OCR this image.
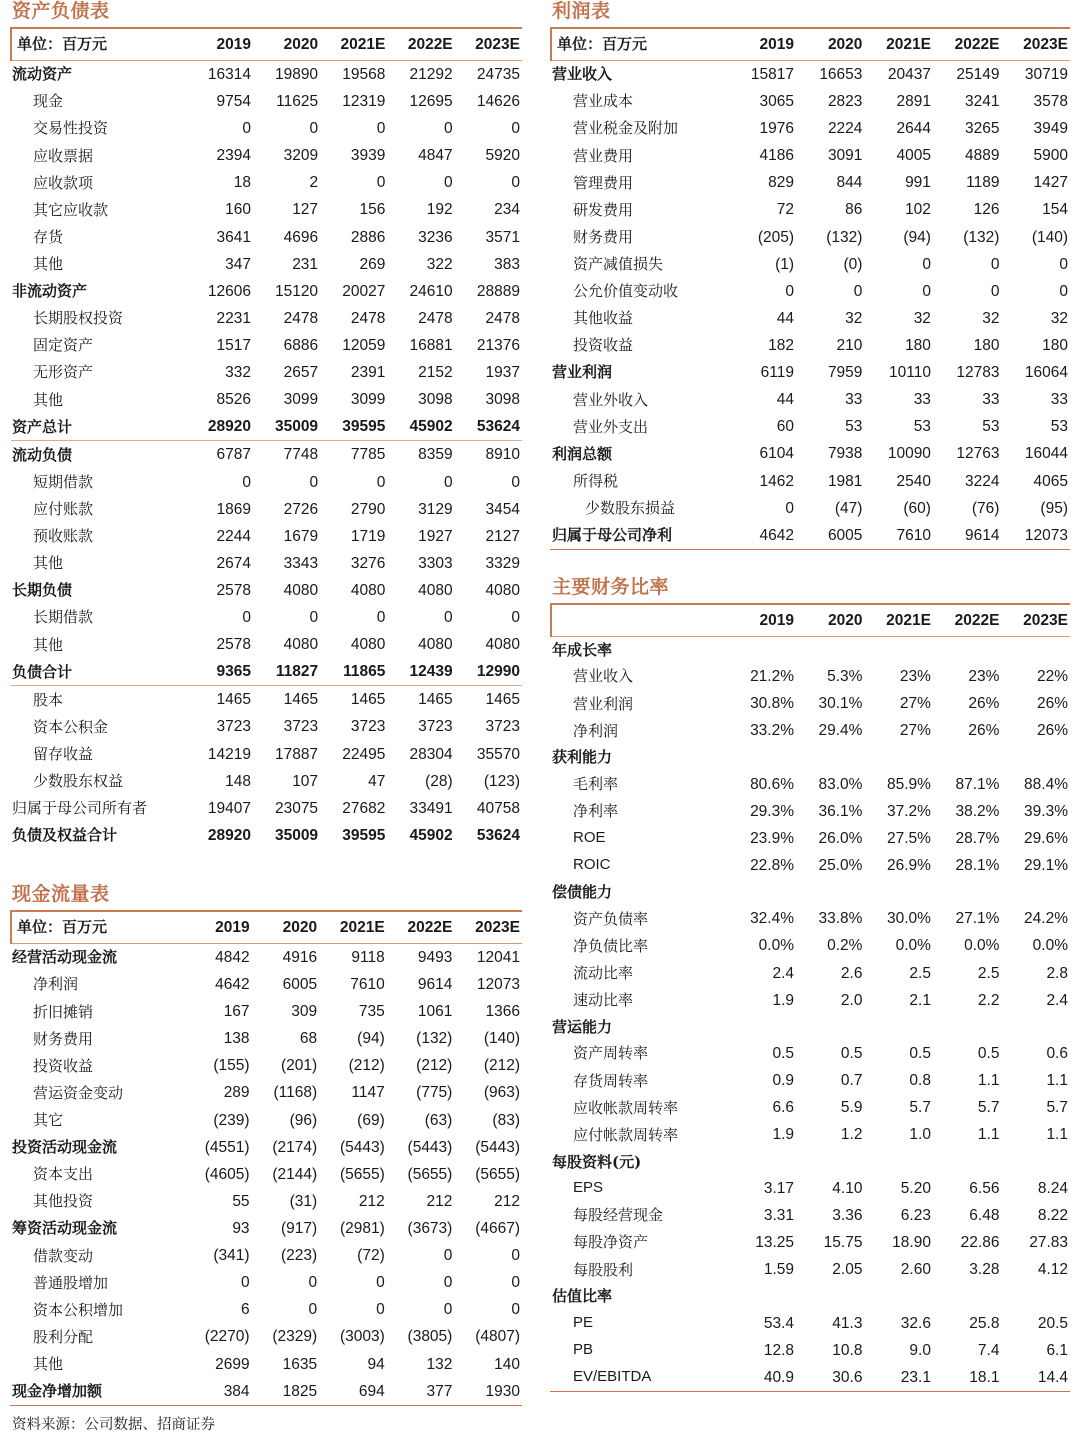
资产负债表
单位：百万元	2019	2020	2021E	2022E	2023E
流动资产	16314	19890	19568	21292	24735
现金	9754	11625	12319	12695	14626
交易性投资	0	0	0	0	0
应收票据	2394	3209	3939	4847	5920
应收款项	18	2	0	0	0
其它应收款	160	127	156	192	234
存货	3641	4696	2886	3236	3571
其他	347	231	269	322	383
非流动资产	12606	15120	20027	24610	28889
长期股权投资	2231	2478	2478	2478	2478
固定资产	1517	6886	12059	16881	21376
无形资产	332	2657	2391	2152	1937
其他	8526	3099	3099	3098	3098
资产总计	28920	35009	39595	45902	53624
流动负债	6787	7748	7785	8359	8910
短期借款	0	0	0	0	0
应付账款	1869	2726	2790	3129	3454
预收账款	2244	1679	1719	1927	2127
其他	2674	3343	3276	3303	3329
长期负债	2578	4080	4080	4080	4080
长期借款	0	0	0	0	0
其他	2578	4080	4080	4080	4080
负债合计	9365	11827	11865	12439	12990
股本	1465	1465	1465	1465	1465
资本公积金	3723	3723	3723	3723	3723
留存收益	14219	17887	22495	28304	35570
少数股东权益	148	107	47	(28)	(123)
归属于母公司所有者	19407	23075	27682	33491	40758
负债及权益合计	28920	35009	39595	45902	53624
现金流量表
单位：百万元	2019	2020	2021E	2022E	2023E
经营活动现金流	4842	4916	9118	9493	12041
净利润	4642	6005	7610	9614	12073
折旧摊销	167	309	735	1061	1366
财务费用	138	68	(94)	(132)	(140)
投资收益	(155)	(201)	(212)	(212)	(212)
营运资金变动	289	(1168)	1147	(775)	(963)
其它	(239)	(96)	(69)	(63)	(83)
投资活动现金流	(4551)	(2174)	(5443)	(5443)	(5443)
资本支出	(4605)	(2144)	(5655)	(5655)	(5655)
其他投资	55	(31)	212	212	212
筹资活动现金流	93	(917)	(2981)	(3673)	(4667)
借款变动	(341)	(223)	(72)	0	0
普通股增加	0	0	0	0	0
资本公积增加	6	0	0	0	0
股利分配	(2270)	(2329)	(3003)	(3805)	(4807)
其他	2699	1635	94	132	140
现金净增加额	384	1825	694	377	1930
资料来源：公司数据、招商证券
利润表
单位：百万元	2019	2020	2021E	2022E	2023E
营业收入	15817	16653	20437	25149	30719
营业成本	3065	2823	2891	3241	3578
营业税金及附加	1976	2224	2644	3265	3949
营业费用	4186	3091	4005	4889	5900
管理费用	829	844	991	1189	1427
研发费用	72	86	102	126	154
财务费用	(205)	(132)	(94)	(132)	(140)
资产减值损失	(1)	(0)	0	0	0
公允价值变动收	0	0	0	0	0
其他收益	44	32	32	32	32
投资收益	182	210	180	180	180
营业利润	6119	7959	10110	12783	16064
营业外收入	44	33	33	33	33
营业外支出	60	53	53	53	53
利润总额	6104	7938	10090	12763	16044
所得税	1462	1981	2540	3224	4065
少数股东损益	0	(47)	(60)	(76)	(95)
归属于母公司净利	4642	6005	7610	9614	12073
主要财务比率
	2019	2020	2021E	2022E	2023E
年成长率					
营业收入	21.2%	5.3%	23%	23%	22%
营业利润	30.8%	30.1%	27%	26%	26%
净利润	33.2%	29.4%	27%	26%	26%
获利能力					
毛利率	80.6%	83.0%	85.9%	87.1%	88.4%
净利率	29.3%	36.1%	37.2%	38.2%	39.3%
ROE	23.9%	26.0%	27.5%	28.7%	29.6%
ROIC	22.8%	25.0%	26.9%	28.1%	29.1%
偿债能力					
资产负债率	32.4%	33.8%	30.0%	27.1%	24.2%
净负债比率	0.0%	0.2%	0.0%	0.0%	0.0%
流动比率	2.4	2.6	2.5	2.5	2.8
速动比率	1.9	2.0	2.1	2.2	2.4
营运能力					
资产周转率	0.5	0.5	0.5	0.5	0.6
存货周转率	0.9	0.7	0.8	1.1	1.1
应收帐款周转率	6.6	5.9	5.7	5.7	5.7
应付帐款周转率	1.9	1.2	1.0	1.1	1.1
每股资料(元)					
EPS	3.17	4.10	5.20	6.56	8.24
每股经营现金	3.31	3.36	6.23	6.48	8.22
每股净资产	13.25	15.75	18.90	22.86	27.83
每股股利	1.59	2.05	2.60	3.28	4.12
估值比率					
PE	53.4	41.3	32.6	25.8	20.5
PB	12.8	10.8	9.0	7.4	6.1
EV/EBITDA	40.9	30.6	23.1	18.1	14.4
